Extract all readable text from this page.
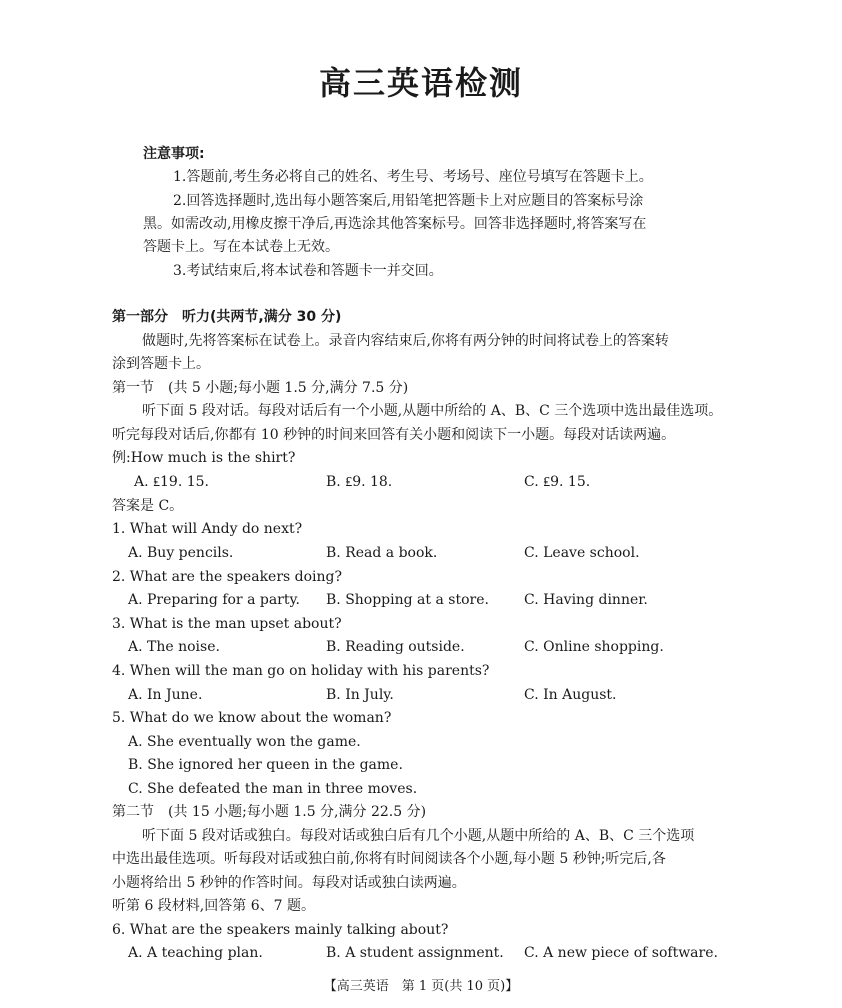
高三英语检测
注意事项:
1.答题前,考生务必将自己的姓名、考生号、考场号、座位号填写在答题卡上。
2.回答选择题时,选出每小题答案后,用铅笔把答题卡上对应题目的答案标号涂
黑。如需改动,用橡皮擦干净后,再选涂其他答案标号。回答非选择题时,将答案写在
答题卡上。写在本试卷上无效。
3.考试结束后,将本试卷和答题卡一并交回。
第一部分　听力(共两节,满分 30 分)
做题时,先将答案标在试卷上。录音内容结束后,你将有两分钟的时间将试卷上的答案转
涂到答题卡上。
第一节　(共 5 小题;每小题 1.5 分,满分 7.5 分)
听下面 5 段对话。每段对话后有一个小题,从题中所给的 A、B、C 三个选项中选出最佳选项。
听完每段对话后,你都有 10 秒钟的时间来回答有关小题和阅读下一小题。每段对话读两遍。
例:How much is the shirt?
A. ₤19. 15.	B. ₤9. 18.	C. ₤9. 15.
答案是 C。
1. What will Andy do next?
A. Buy pencils.	B. Read a book.	C. Leave school.
2. What are the speakers doing?
A. Preparing for a party. B. Shopping at a store.	C. Having dinner.
3. What is the man upset about?
A. The noise.	B. Reading outside.	C. Online shopping.
4. When will the man go on holiday with his parents?
A. In June.	B. In July.	C. In August.
5. What do we know about the woman?
A. She eventually won the game.
B. She ignored her queen in the game.
C. She defeated the man in three moves.
第二节　(共 15 小题;每小题 1.5 分,满分 22.5 分)
听下面 5 段对话或独白。每段对话或独白后有几个小题,从题中所给的 A、B、C 三个选项
中选出最佳选项。听每段对话或独白前,你将有时间阅读各个小题,每小题 5 秒钟;听完后,各
小题将给出 5 秒钟的作答时间。每段对话或独白读两遍。
听第 6 段材料,回答第 6、7 题。
6. What are the speakers mainly talking about?
A. A teaching plan.	B. A student assignment. C. A new piece of software.
【高三英语　第 1 页(共 10 页)】
